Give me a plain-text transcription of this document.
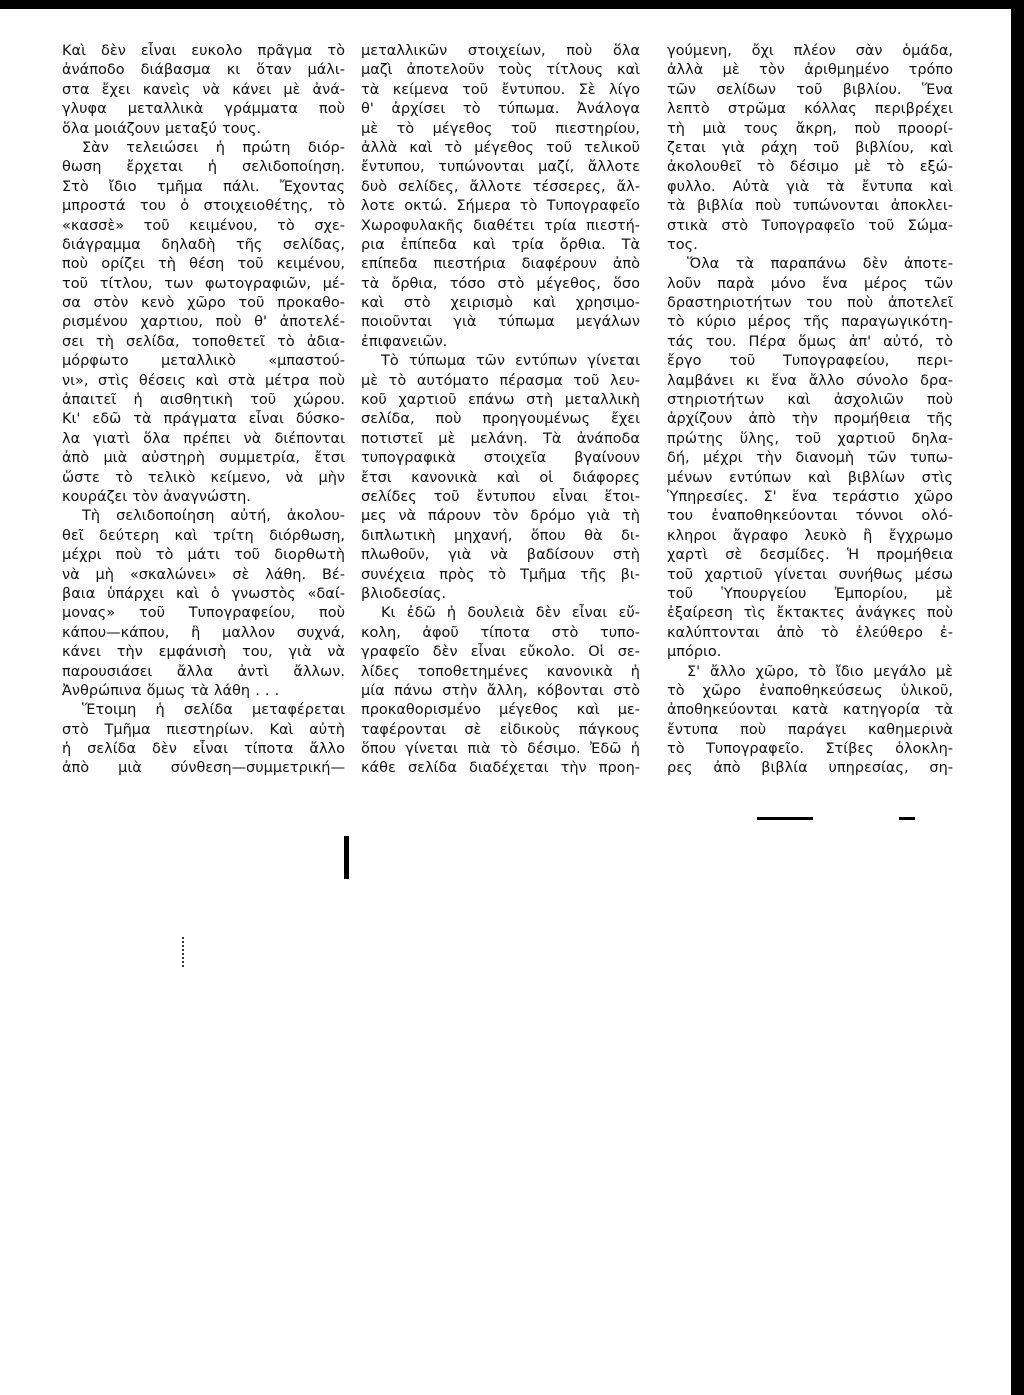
Καὶ δὲν εἶναι ευκολο πρᾶγμα τὸ
ἀνάποδο διάβασμα κι ὅταν μάλι-
στα ἔχει κανεὶς νὰ κάνει μὲ ἀνά-
γλυφα μεταλλικὰ γράμματα ποὺ
ὅλα μοιάζουν μεταξύ τους.
Σὰν τελειώσει ἡ πρώτη διόρ-
θωση ἔρχεται ἡ σελιδοποίηση.
Στὸ ἴδιο τμῆμα πάλι. Ἔχοντας
μπροστά του ὁ στοιχειοθέτης, τὸ
«κασσὲ» τοῦ κειμένου, τὸ σχε-
διάγραμμα δηλαδὴ τῆς σελίδας,
ποὺ ορίζει τὴ θέση τοῦ κειμένου,
τοῦ τίτλου, των φωτογραφιῶν, μέ-
σα στὸν κενὸ χῶρο τοῦ προκαθο-
ρισμένου χαρτιου, ποὺ θ' ἀποτελέ-
σει τὴ σελίδα, τοποθετεῖ τὸ ἀδια-
μόρφωτο μεταλλικὸ «μπαστού-
νι», στὶς θέσεις καὶ στὰ μέτρα ποὺ
ἀπαιτεῖ ἡ αισθητικὴ τοῦ χώρου.
Κι' εδῶ τὰ πράγματα εἶναι δύσκο-
λα γιατὶ ὅλα πρέπει νὰ διέπονται
ἀπὸ μιὰ αὐστηρὴ συμμετρία, ἔτσι
ὥστε τὸ τελικὸ κείμενο, νὰ μὴν
κουράζει τὸν ἀναγνώστη.
Τὴ σελιδοποίηση αὐτή, ἀκολου-
θεῖ δεύτερη καὶ τρίτη διόρθωση,
μέχρι ποὺ τὸ μάτι τοῦ διορθωτὴ
νὰ μὴ «σκαλώνει» σὲ λάθη. Βέ-
βαια ὑπάρχει καὶ ὁ γνωστὸς «δαί-
μονας» τοῦ Τυπογραφείου, ποὺ
κάπου—κάπου, ἢ μαλλον συχνά,
κάνει τὴν εμφάνισὴ του, γιὰ νὰ
παρουσιάσει ἄλλα ἀντὶ ἄλλων.
Ἀνθρώπινα ὅμως τὰ λάθη . . .
Ἕτοιμη ἡ σελίδα μεταφέρεται
στὸ Τμῆμα πιεστηρίων. Καὶ αὐτὴ
ἡ σελίδα δὲν εἶναι τίποτα ἄλλο
ἀπὸ μιὰ σύνθεση—συμμετρική—
μεταλλικῶν στοιχείων, ποὺ ὅλα
μαζὶ ἀποτελοῦν τοὺς τίτλους καὶ
τὰ κείμενα τοῦ ἔντυπου. Σὲ λίγο
θ' ἀρχίσει τὸ τύπωμα. Ἀνάλογα
μὲ τὸ μέγεθος τοῦ πιεστηρίου,
ἀλλὰ καὶ τὸ μέγεθος τοῦ τελικοῦ
ἔντυπου, τυπώνονται μαζί, ἄλλοτε
δυὸ σελίδες, ἄλλοτε τέσσερες, ἄλ-
λοτε οκτώ. Σήμερα τὸ Τυπογραφεῖο
Χωροφυλακῆς διαθέτει τρία πιεστή-
ρια ἐπίπεδα καὶ τρία ὄρθια. Τὰ
επίπεδα πιεστήρια διαφέρουν ἀπὸ
τὰ ὄρθια, τόσο στὸ μέγεθος, ὅσο
καὶ στὸ χειρισμὸ καὶ χρησιμο-
ποιοῦνται γιὰ τύπωμα μεγάλων
ἐπιφανειῶν.
Τὸ τύπωμα τῶν εντύπων γίνεται
μὲ τὸ αυτόματο πέρασμα τοῦ λευ-
κοῦ χαρτιοῦ επάνω στὴ μεταλλικὴ
σελίδα, ποὺ προηγουμένως ἔχει
ποτιστεῖ μὲ μελάνη. Τὰ ἀνάποδα
τυπογραφικὰ στοιχεῖα βγαίνουν
ἔτσι κανονικὰ καὶ οἱ διάφορες
σελίδες τοῦ ἔντυπου εἶναι ἕτοι-
μες νὰ πάρουν τὸν δρόμο γιὰ τὴ
διπλωτικὴ μηχανή, ὅπου θὰ δι-
πλωθοῦν, γιὰ νὰ βαδίσουν στὴ
συνέχεια πρὸς τὸ Τμῆμα τῆς βι-
βλιοδεσίας.
Κι ἐδῶ ἡ δουλειὰ δὲν εἶναι εὔ-
κολη, ἀφοῦ τίποτα στὸ τυπο-
γραφεῖο δὲν εἶναι εὔκολο. Οἱ σε-
λίδες τοποθετημένες κανονικὰ ἡ
μία πάνω στὴν ἄλλη, κόβονται στὸ
προκαθορισμένο μέγεθος καὶ με-
ταφέρονται σὲ εἰδικοὺς πάγκους
ὅπου γίνεται πιὰ τὸ δέσιμο. Ἐδῶ ἡ
κάθε σελίδα διαδέχεται τὴν προη-
γούμενη, ὄχι πλέον σὰν ὁμάδα,
ἀλλὰ μὲ τὸν ἀριθμημένο τρόπο
τῶν σελίδων τοῦ βιβλίου. Ἕνα
λεπτὸ στρῶμα κόλλας περιβρέχει
τὴ μιὰ τους ἄκρη, ποὺ προορί-
ζεται γιὰ ράχη τοῦ βιβλίου, καὶ
ἀκολουθεῖ τὸ δέσιμο μὲ τὸ εξώ-
φυλλο. Αὐτὰ γιὰ τὰ ἔντυπα καὶ
τὰ βιβλία ποὺ τυπώνονται ἀποκλει-
στικὰ στὸ Τυπογραφεῖο τοῦ Σώμα-
τος.
Ὅλα τὰ παραπάνω δὲν ἀποτε-
λοῦν παρὰ μόνο ἕνα μέρος τῶν
δραστηριοτήτων του ποὺ ἀποτελεῖ
τὸ κύριο μέρος τῆς παραγωγικότη-
τάς του. Πέρα ὅμως ἀπ' αὐτό, τὸ
ἔργο τοῦ Τυπογραφείου, περι-
λαμβάνει κι ἕνα ἄλλο σύνολο δρα-
στηριοτήτων καὶ ἀσχολιῶν ποὺ
ἀρχίζουν ἀπὸ τὴν προμήθεια τῆς
πρώτης ὕλης, τοῦ χαρτιοῦ δηλα-
δή, μέχρι τὴν διανομὴ τῶν τυπω-
μένων εντύπων καὶ βιβλίων στὶς
Ὑπηρεσίες. Σ' ἕνα τεράστιο χῶρο
του ἐναποθηκεύονται τόννοι ολό-
κληροι ἄγραφο λευκὸ ἢ ἔγχρωμο
χαρτὶ σὲ δεσμίδες. Ἡ προμήθεια
τοῦ χαρτιοῦ γίνεται συνήθως μέσω
τοῦ Ὑπουργείου Ἐμπορίου, μὲ
ἐξαίρεση τὶς ἔκτακτες ἀνάγκες ποὺ
καλύπτονται ἀπὸ τὸ ἐλεύθερο ἐ-
μπόριο.
Σ' ἄλλο χῶρο, τὸ ἴδιο μεγάλο μὲ
τὸ χῶρο ἐναποθηκεύσεως ὑλικοῦ,
ἀποθηκεύονται κατὰ κατηγορία τὰ
ἔντυπα ποὺ παράγει καθημερινὰ
τὸ Τυπογραφεῖο. Στίβες ὁλοκλη-
ρες ἀπὸ βιβλία υπηρεσίας, ση-
